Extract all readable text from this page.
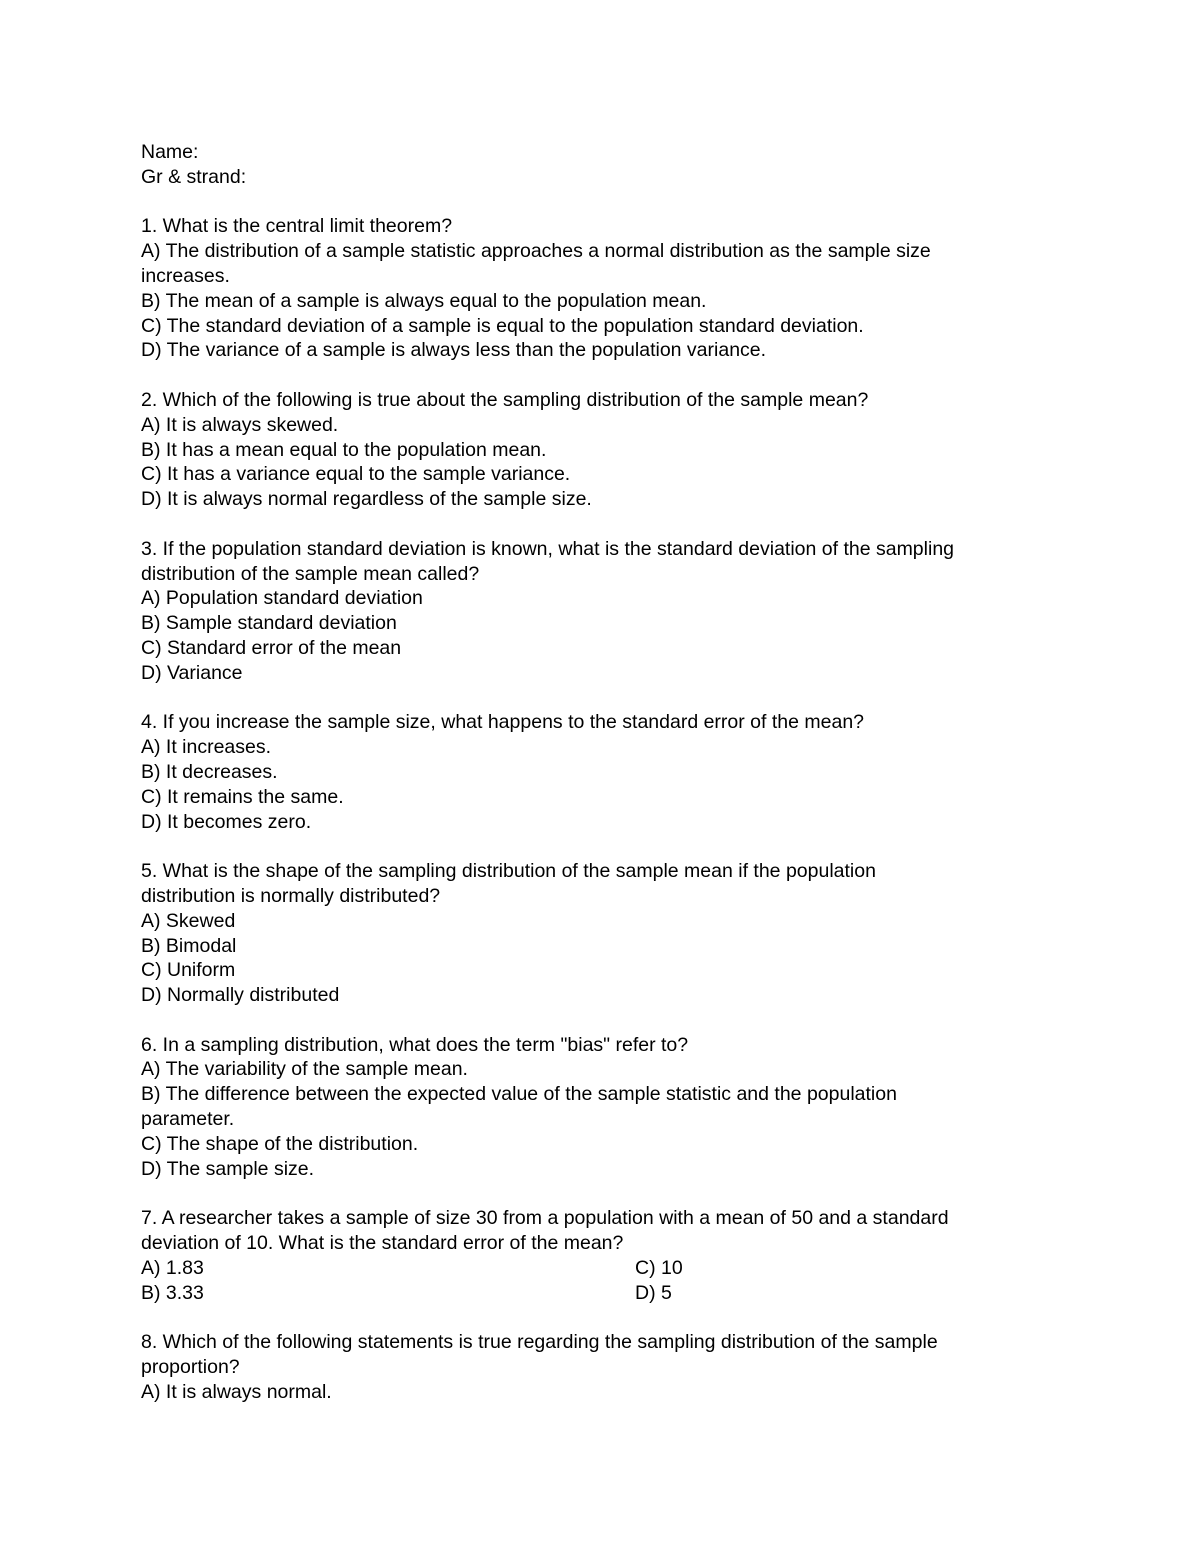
Name:
Gr & strand:
1. What is the central limit theorem?
A) The distribution of a sample statistic approaches a normal distribution as the sample size
increases.
B) The mean of a sample is always equal to the population mean.
C) The standard deviation of a sample is equal to the population standard deviation.
D) The variance of a sample is always less than the population variance.
2. Which of the following is true about the sampling distribution of the sample mean?
A) It is always skewed.
B) It has a mean equal to the population mean.
C) It has a variance equal to the sample variance.
D) It is always normal regardless of the sample size.
3. If the population standard deviation is known, what is the standard deviation of the sampling
distribution of the sample mean called?
A) Population standard deviation
B) Sample standard deviation
C) Standard error of the mean
D) Variance
4. If you increase the sample size, what happens to the standard error of the mean?
A) It increases.
B) It decreases.
C) It remains the same.
D) It becomes zero.
5. What is the shape of the sampling distribution of the sample mean if the population
distribution is normally distributed?
A) Skewed
B) Bimodal
C) Uniform
D) Normally distributed
6. In a sampling distribution, what does the term "bias" refer to?
A) The variability of the sample mean.
B) The difference between the expected value of the sample statistic and the population
parameter.
C) The shape of the distribution.
D) The sample size.
7. A researcher takes a sample of size 30 from a population with a mean of 50 and a standard
deviation of 10. What is the standard error of the mean?
A) 1.83	C) 10
B) 3.33	D) 5
8. Which of the following statements is true regarding the sampling distribution of the sample
proportion?
A) It is always normal.
